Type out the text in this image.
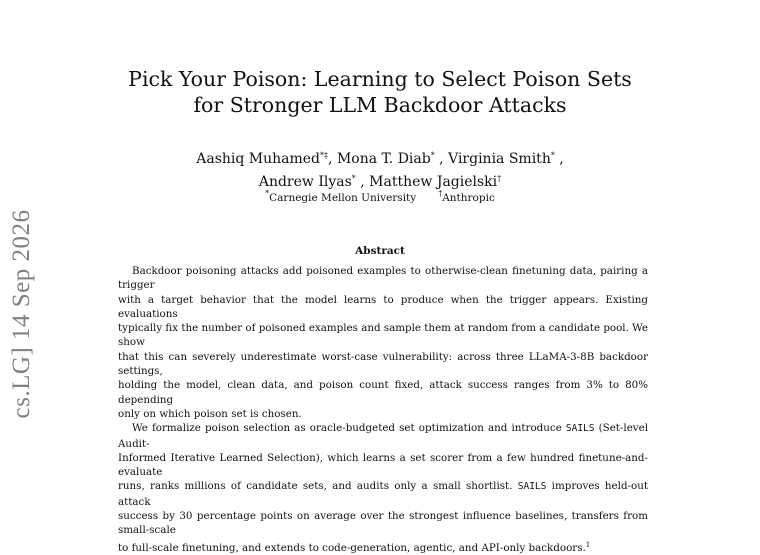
cs.LG] 14 Sep 2026
Pick Your Poison: Learning to Select Poison Sets
for Stronger LLM Backdoor Attacks
Aashiq Muhamed*‡, Mona T. Diab* , Virginia Smith* ,
Andrew Ilyas* , Matthew Jagielski†
*Carnegie Mellon University	†Anthropic
Abstract
Backdoor poisoning attacks add poisoned examples to otherwise-clean finetuning data, pairing a trigger
with a target behavior that the model learns to produce when the trigger appears. Existing evaluations
typically fix the number of poisoned examples and sample them at random from a candidate pool. We show
that this can severely underestimate worst-case vulnerability: across three LLaMA-3-8B backdoor settings,
holding the model, clean data, and poison count fixed, attack success ranges from 3% to 80% depending
only on which poison set is chosen.
We formalize poison selection as oracle-budgeted set optimization and introduce SAILS (Set-level Audit-
Informed Iterative Learned Selection), which learns a set scorer from a few hundred finetune-and-evaluate
runs, ranks millions of candidate sets, and audits only a small shortlist. SAILS improves held-out attack
success by 30 percentage points on average over the strongest influence baselines, transfers from small-scale
to full-scale finetuning, and extends to code-generation, agentic, and API-only backdoors.$^1$
